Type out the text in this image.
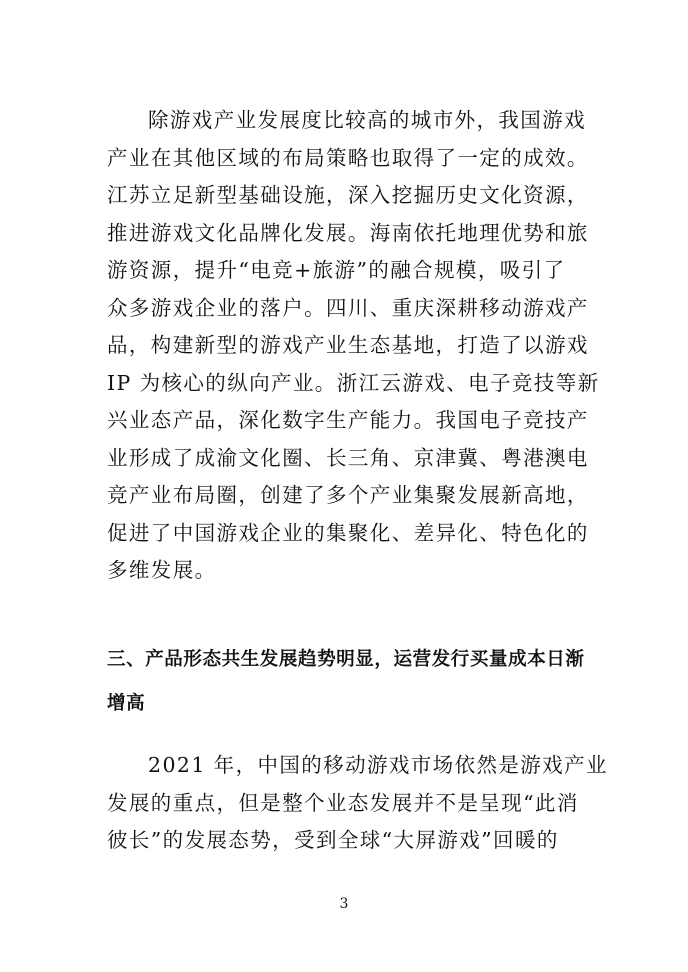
除游戏产业发展度比较高的城市外，我国游戏
产业在其他区域的布局策略也取得了一定的成效。
江苏立足新型基础设施，深入挖掘历史文化资源，
推进游戏文化品牌化发展。海南依托地理优势和旅
游资源，提升“电竞+旅游”的融合规模，吸引了
众多游戏企业的落户。四川、重庆深耕移动游戏产
品，构建新型的游戏产业生态基地，打造了以游戏
IP 为核心的纵向产业。浙江云游戏、电子竞技等新
兴业态产品，深化数字生产能力。我国电子竞技产
业形成了成渝文化圈、长三角、京津冀、粤港澳电
竞产业布局圈，创建了多个产业集聚发展新高地，
促进了中国游戏企业的集聚化、差异化、特色化的
多维发展。
三、产品形态共生发展趋势明显，运营发行买量成本日渐
增高
2021 年，中国的移动游戏市场依然是游戏产业
发展的重点，但是整个业态发展并不是呈现“此消
彼长”的发展态势，受到全球“大屏游戏”回暖的
3
